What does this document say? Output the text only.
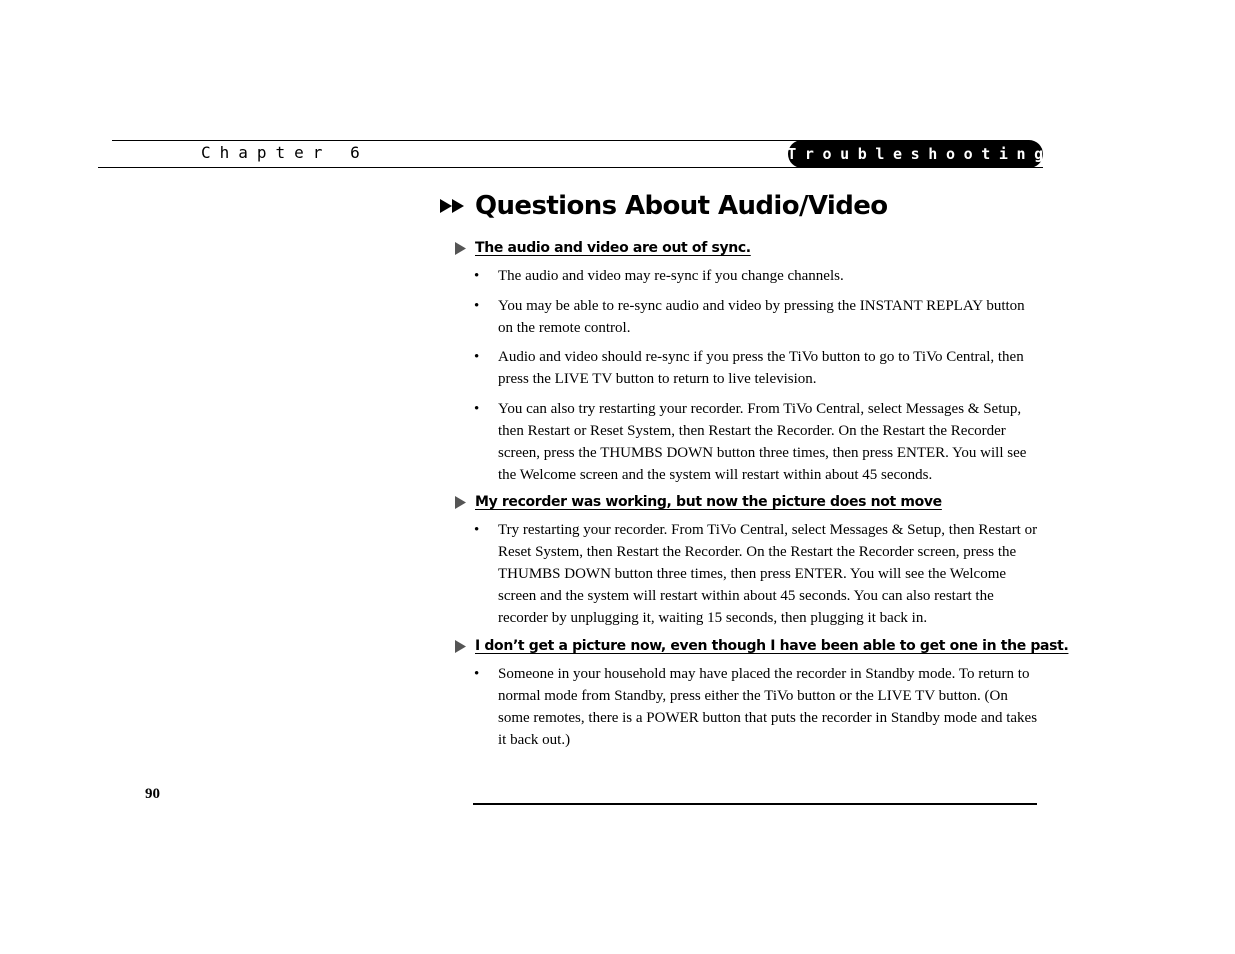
Chapter 6	Troubleshooting
Questions About Audio/Video
The audio and video are out of sync.
•	The audio and video may re-sync if you change channels.
•	You may be able to re-sync audio and video by pressing the INSTANT REPLAY button on the remote control.
•	Audio and video should re-sync if you press the TiVo button to go to TiVo Central, then press the LIVE TV button to return to live television.
•	You can also try restarting your recorder. From TiVo Central, select Messages & Setup, then Restart or Reset System, then Restart the Recorder. On the Restart the Recorder screen, press the THUMBS DOWN button three times, then press ENTER. You will see the Welcome screen and the system will restart within about 45 seconds.
My recorder was working, but now the picture does not move
•	Try restarting your recorder. From TiVo Central, select Messages & Setup, then Restart or Reset System, then Restart the Recorder. On the Restart the Recorder screen, press the THUMBS DOWN button three times, then press ENTER. You will see the Welcome screen and the system will restart within about 45 seconds. You can also restart the recorder by unplugging it, waiting 15 seconds, then plugging it back in.
I don’t get a picture now, even though I have been able to get one in the past.
•	Someone in your household may have placed the recorder in Standby mode. To return to normal mode from Standby, press either the TiVo button or the LIVE TV button. (On some remotes, there is a POWER button that puts the recorder in Standby mode and takes it back out.)
90
